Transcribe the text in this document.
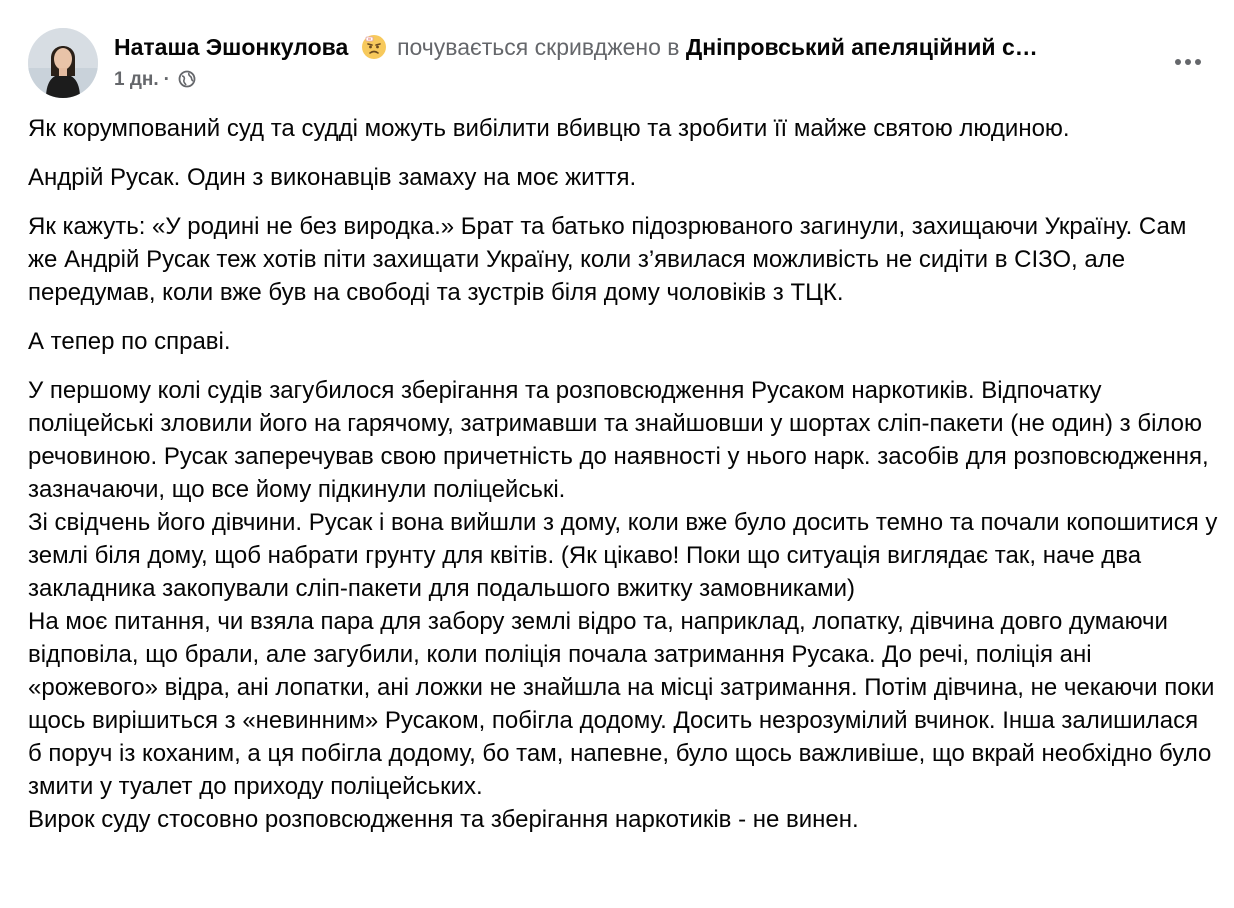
Наташа Эшонкулова почувається скривджено в Дніпровський апеляційний с…
1 дн. ·

Як корумпований суд та судді можуть вибілити вбивцю та зробити її майже святою людиною.

Андрій Русак. Один з виконавців замаху на моє життя.

Як кажуть: «У родині не без виродка.» Брат та батько підозрюваного загинули, захищаючи Україну. Сам же Андрій Русак теж хотів піти захищати Україну, коли з’явилася можливість не сидіти в СІЗО, але передумав, коли вже був на свободі та зустрів біля дому чоловіків з ТЦК.

А тепер по справі.

У першому колі судів загубилося зберігання та розповсюдження Русаком наркотиків. Відпочатку поліцейські зловили його на гарячому, затримавши та знайшовши у шортах сліп-пакети (не один) з білою речовиною. Русак заперечував свою причетність до наявності у нього нарк. засобів для розповсюдження, зазначаючи, що все йому підкинули поліцейські.
Зі свідчень його дівчини. Русак і вона вийшли з дому, коли вже було досить темно та почали копошитися у землі біля дому, щоб набрати грунту для квітів. (Як цікаво! Поки що ситуація виглядає так, наче два закладника закопували сліп-пакети для подальшого вжитку замовниками)
На моє питання, чи взяла пара для забору землі відро та, наприклад, лопатку, дівчина довго думаючи відповіла, що брали, але загубили, коли поліція почала затримання Русака. До речі, поліція ані «рожевого» відра, ані лопатки, ані ложки не знайшла на місці затримання. Потім дівчина, не чекаючи поки щось вирішиться з «невинним» Русаком, побігла додому. Досить незрозумілий вчинок. Інша залишилася б поруч із коханим, а ця побігла додому, бо там, напевне, було щось важливіше, що вкрай необхідно було змити у туалет до приходу поліцейських.
Вирок суду стосовно розповсюдження та зберігання наркотиків - не винен.
